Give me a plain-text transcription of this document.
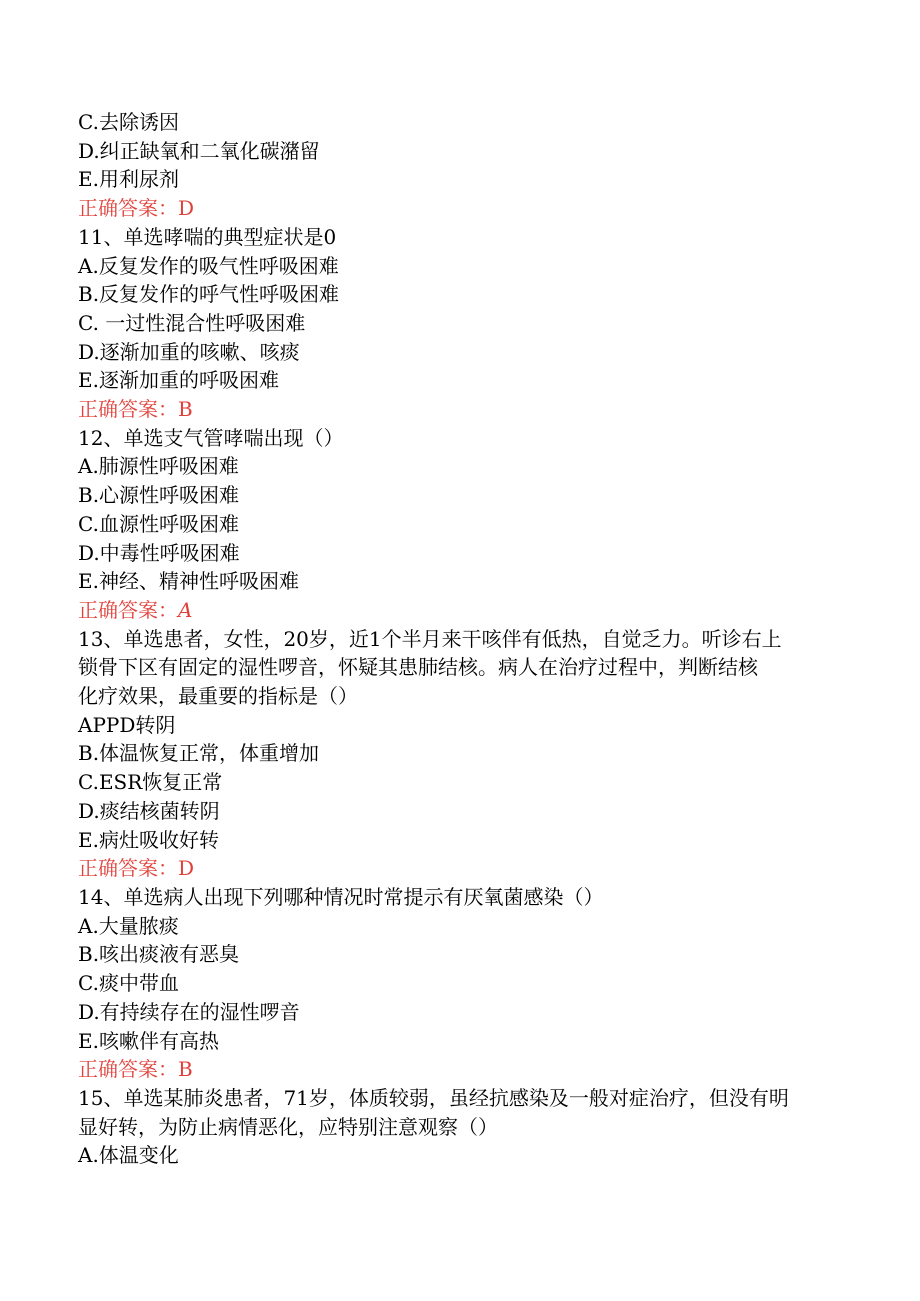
C.去除诱因
D.纠正缺氧和二氧化碳潴留
E.用利尿剂
正确答案：D
11、单选哮喘的典型症状是0
A.反复发作的吸气性呼吸困难
B.反复发作的呼气性呼吸困难
C. 一过性混合性呼吸困难
D.逐渐加重的咳嗽、咳痰
E.逐渐加重的呼吸困难
正确答案：B
12、单选支气管哮喘出现（）
A.肺源性呼吸困难
B.心源性呼吸困难
C.血源性呼吸困难
D.中毒性呼吸困难
E.神经、精神性呼吸困难
正确答案：A
13、单选患者，女性，20岁，近1个半月来干咳伴有低热，自觉乏力。听诊右上
锁骨下区有固定的湿性啰音，怀疑其患肺结核。病人在治疗过程中，判断结核
化疗效果，最重要的指标是（）
APPD转阴
B.体温恢复正常，体重增加
C.ESR恢复正常
D.痰结核菌转阴
E.病灶吸收好转
正确答案：D
14、单选病人出现下列哪种情况时常提示有厌氧菌感染（）
A.大量脓痰
B.咳出痰液有恶臭
C.痰中带血
D.有持续存在的湿性啰音
E.咳嗽伴有高热
正确答案：B
15、单选某肺炎患者，71岁，体质较弱，虽经抗感染及一般对症治疗，但没有明
显好转，为防止病情恶化，应特别注意观察（）
A.体温变化
